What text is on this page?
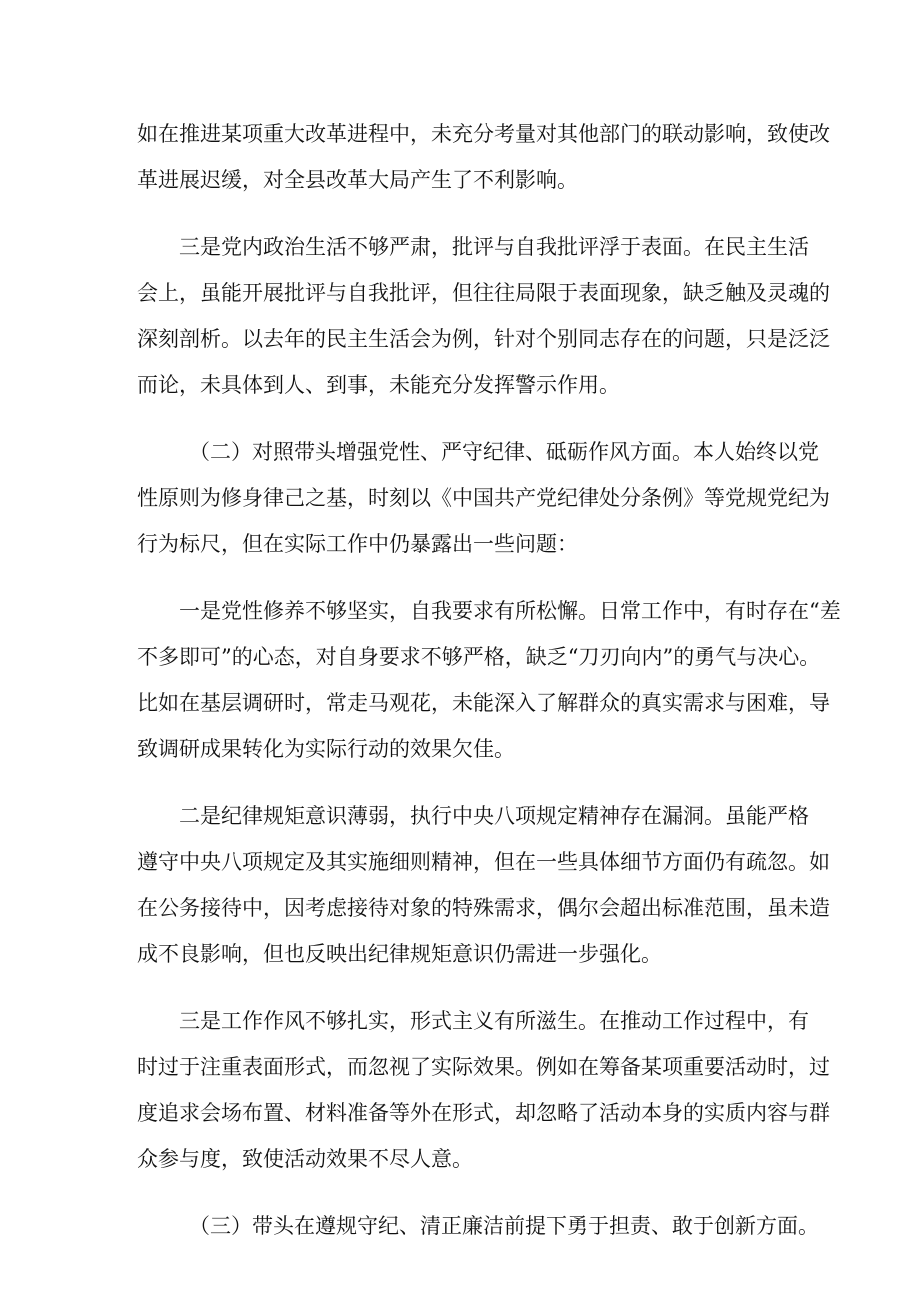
如在推进某项重大改革进程中，未充分考量对其他部门的联动影响，致使改
革进展迟缓，对全县改革大局产生了不利影响。
三是党内政治生活不够严肃，批评与自我批评浮于表面。在民主生活
会上，虽能开展批评与自我批评，但往往局限于表面现象，缺乏触及灵魂的
深刻剖析。以去年的民主生活会为例，针对个别同志存在的问题，只是泛泛
而论，未具体到人、到事，未能充分发挥警示作用。
（二）对照带头增强党性、严守纪律、砥砺作风方面。本人始终以党
性原则为修身律己之基，时刻以《中国共产党纪律处分条例》等党规党纪为
行为标尺，但在实际工作中仍暴露出一些问题：
一是党性修养不够坚实，自我要求有所松懈。日常工作中，有时存在“差
不多即可”的心态，对自身要求不够严格，缺乏“刀刃向内”的勇气与决心。
比如在基层调研时，常走马观花，未能深入了解群众的真实需求与困难，导
致调研成果转化为实际行动的效果欠佳。
二是纪律规矩意识薄弱，执行中央八项规定精神存在漏洞。虽能严格
遵守中央八项规定及其实施细则精神，但在一些具体细节方面仍有疏忽。如
在公务接待中，因考虑接待对象的特殊需求，偶尔会超出标准范围，虽未造
成不良影响，但也反映出纪律规矩意识仍需进一步强化。
三是工作作风不够扎实，形式主义有所滋生。在推动工作过程中，有
时过于注重表面形式，而忽视了实际效果。例如在筹备某项重要活动时，过
度追求会场布置、材料准备等外在形式，却忽略了活动本身的实质内容与群
众参与度，致使活动效果不尽人意。
（三）带头在遵规守纪、清正廉洁前提下勇于担责、敢于创新方面。
